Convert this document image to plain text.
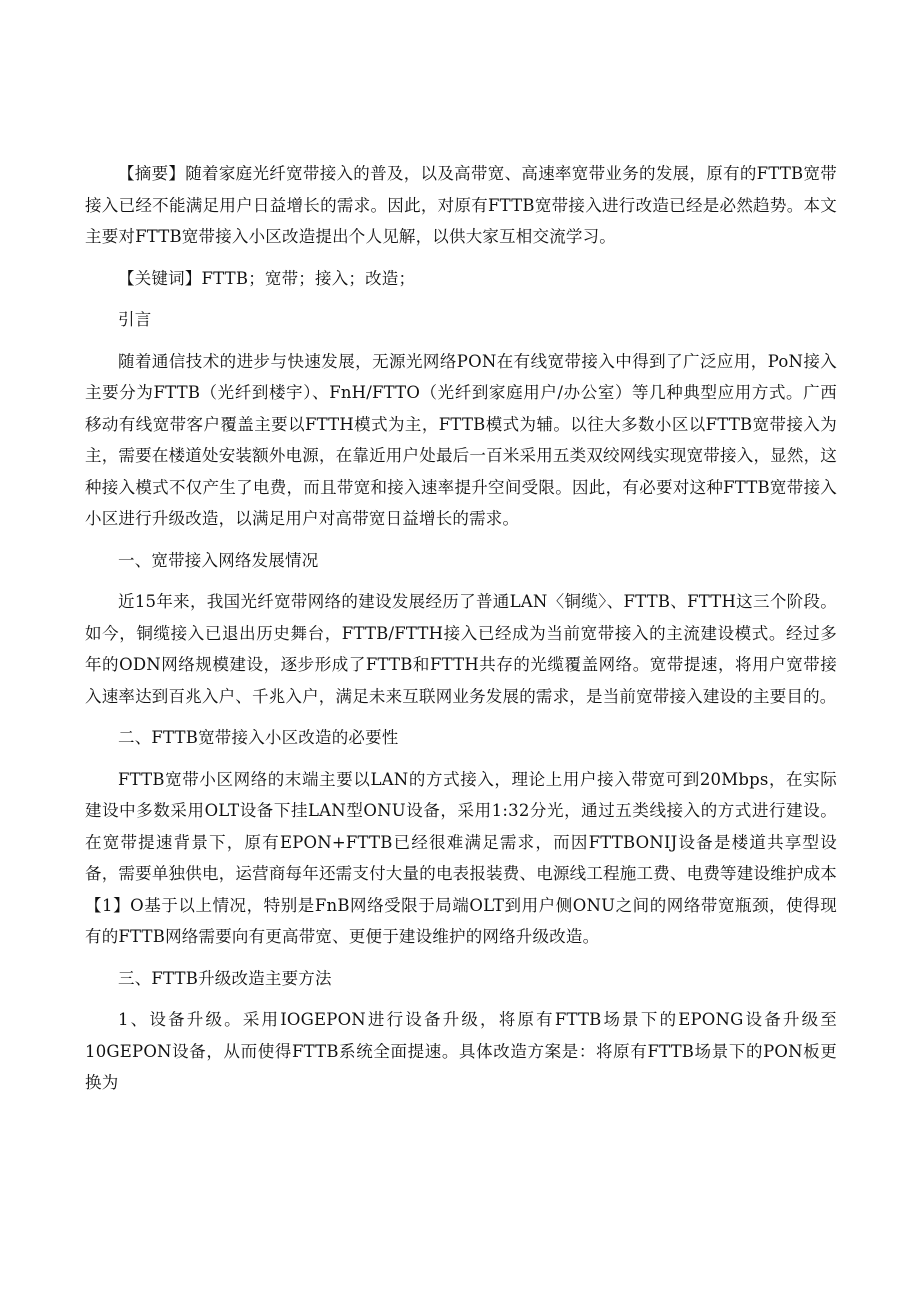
【摘要】随着家庭光纤宽带接入的普及，以及高带宽、高速率宽带业务的发展，原有的FTTB宽带接入已经不能满足用户日益增长的需求。因此，对原有FTTB宽带接入进行改造已经是必然趋势。本文主要对FTTB宽带接入小区改造提出个人见解，以供大家互相交流学习。

【关键词】FTTB；宽带；接入；改造；

引言

随着通信技术的进步与快速发展，无源光网络PON在有线宽带接入中得到了广泛应用，PoN接入主要分为FTTB（光纤到楼宇）、FnH/FTTO（光纤到家庭用户/办公室）等几种典型应用方式。广西移动有线宽带客户覆盖主要以FTTH模式为主，FTTB模式为辅。以往大多数小区以FTTB宽带接入为主，需要在楼道处安装额外电源，在靠近用户处最后一百米采用五类双绞网线实现宽带接入，显然，这种接入模式不仅产生了电费，而且带宽和接入速率提升空间受限。因此，有必要对这种FTTB宽带接入小区进行升级改造，以满足用户对高带宽日益增长的需求。

一、宽带接入网络发展情况

近15年来，我国光纤宽带网络的建设发展经历了普通LAN〈铜缆〉、FTTB、FTTH这三个阶段。如今，铜缆接入已退出历史舞台，FTTB/FTTH接入已经成为当前宽带接入的主流建设模式。经过多年的ODN网络规模建设，逐步形成了FTTB和FTTH共存的光缆覆盖网络。宽带提速，将用户宽带接入速率达到百兆入户、千兆入户，满足未来互联网业务发展的需求，是当前宽带接入建设的主要目的。

二、FTTB宽带接入小区改造的必要性

FTTB宽带小区网络的末端主要以LAN的方式接入，理论上用户接入带宽可到20Mbps，在实际建设中多数采用OLT设备下挂LAN型ONU设备，采用1:32分光，通过五类线接入的方式进行建设。在宽带提速背景下，原有EPON+FTTB已经很难满足需求，而因FTTBONIJ设备是楼道共享型设备，需要单独供电，运营商每年还需支付大量的电表报装费、电源线工程施工费、电费等建设维护成本【1】O基于以上情况，特别是FnB网络受限于局端OLT到用户侧ONU之间的网络带宽瓶颈，使得现有的FTTB网络需要向有更高带宽、更便于建设维护的网络升级改造。

三、FTTB升级改造主要方法

1、设备升级。采用IOGEPON进行设备升级，将原有FTTB场景下的EPONG设备升级至10GEPON设备，从而使得FTTB系统全面提速。具体改造方案是：将原有FTTB场景下的PON板更换为
